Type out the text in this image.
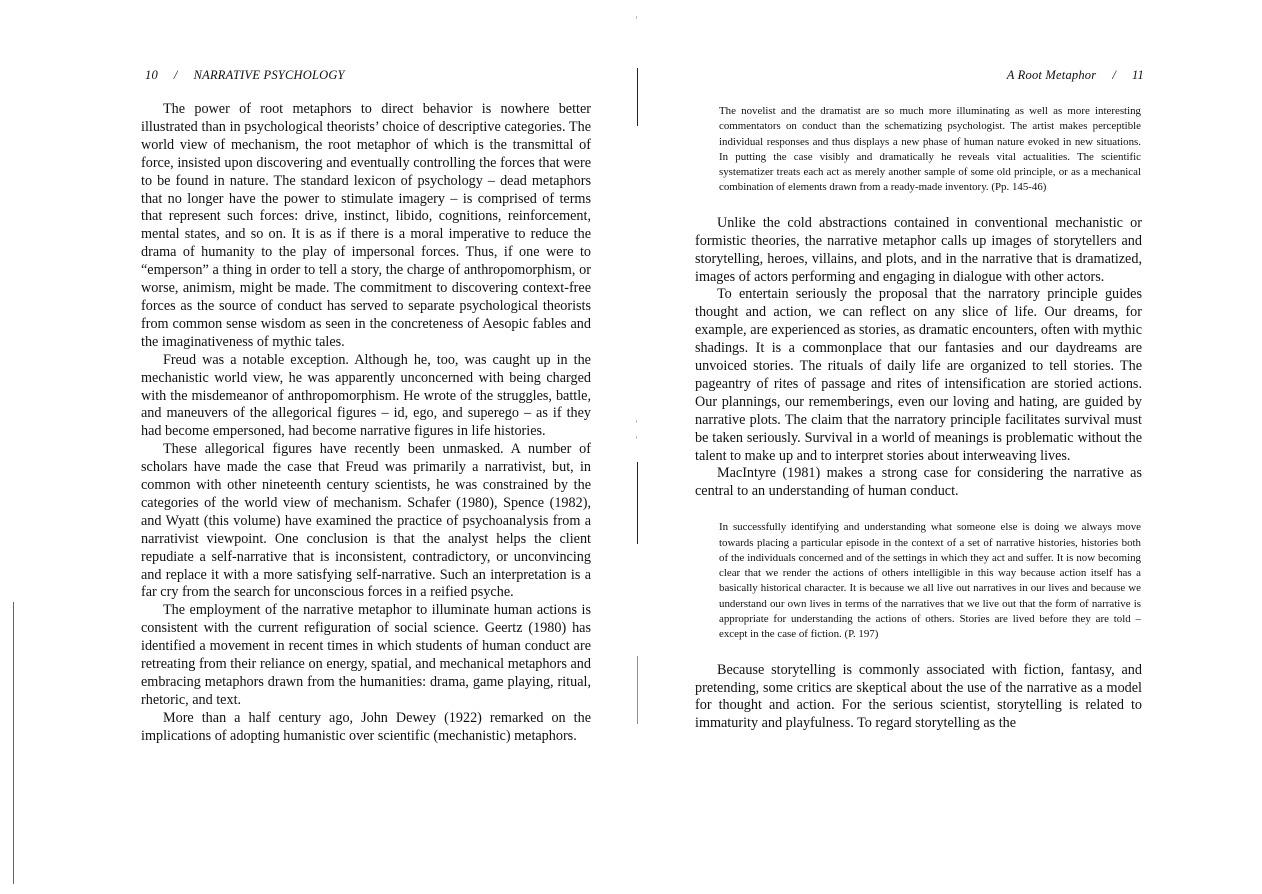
10 / NARRATIVE PSYCHOLOGY

The power of root metaphors to direct behavior is nowhere better illustrated than in psychological theorists’ choice of descriptive categories. The world view of mechanism, the root metaphor of which is the transmittal of force, insisted upon discovering and eventually controlling the forces that were to be found in nature. The standard lexicon of psychology – dead metaphors that no longer have the power to stimulate imagery – is comprised of terms that represent such forces: drive, instinct, libido, cognitions, reinforcement, mental states, and so on. It is as if there is a moral imperative to reduce the drama of humanity to the play of impersonal forces. Thus, if one were to “emperson” a thing in order to tell a story, the charge of anthropomorphism, or worse, animism, might be made. The commitment to discovering context-free forces as the source of conduct has served to separate psychological theorists from common sense wisdom as seen in the concreteness of Aesopic fables and the imaginativeness of mythic tales.

Freud was a notable exception. Although he, too, was caught up in the mechanistic world view, he was apparently unconcerned with being charged with the misdemeanor of anthropomorphism. He wrote of the struggles, battle, and maneuvers of the allegorical figures – id, ego, and superego – as if they had become empersoned, had become narrative figures in life histories.

These allegorical figures have recently been unmasked. A number of scholars have made the case that Freud was primarily a narrativist, but, in common with other nineteenth century scientists, he was constrained by the categories of the world view of mechanism. Schafer (1980), Spence (1982), and Wyatt (this volume) have examined the practice of psychoanalysis from a narrativist viewpoint. One conclusion is that the analyst helps the client repudiate a self-narrative that is inconsistent, contradictory, or unconvincing and replace it with a more satisfying self-narrative. Such an interpretation is a far cry from the search for unconscious forces in a reified psyche.

The employment of the narrative metaphor to illuminate human actions is consistent with the current refiguration of social science. Geertz (1980) has identified a movement in recent times in which students of human conduct are retreating from their reliance on energy, spatial, and mechanical metaphors and embracing metaphors drawn from the humanities: drama, game playing, ritual, rhetoric, and text.

More than a half century ago, John Dewey (1922) remarked on the implications of adopting humanistic over scientific (mechanistic) metaphors.

A Root Metaphor / 11
The novelist and the dramatist are so much more illuminating as well as more interesting commentators on conduct than the schematizing psychologist. The artist makes perceptible individual responses and thus displays a new phase of human nature evoked in new situations. In putting the case visibly and dramatically he reveals vital actualities. The scientific systematizer treats each act as merely another sample of some old principle, or as a mechanical combination of elements drawn from a ready-made inventory. (Pp. 145-46)

Unlike the cold abstractions contained in conventional mechanistic or formistic theories, the narrative metaphor calls up images of storytellers and storytelling, heroes, villains, and plots, and in the narrative that is dramatized, images of actors performing and engaging in dialogue with other actors.

To entertain seriously the proposal that the narratory principle guides thought and action, we can reflect on any slice of life. Our dreams, for example, are experienced as stories, as dramatic encounters, often with mythic shadings. It is a commonplace that our fantasies and our daydreams are unvoiced stories. The rituals of daily life are organized to tell stories. The pageantry of rites of passage and rites of intensification are storied actions. Our plannings, our rememberings, even our loving and hating, are guided by narrative plots. The claim that the narratory principle facilitates survival must be taken seriously. Survival in a world of meanings is problematic without the talent to make up and to interpret stories about interweaving lives.

MacIntyre (1981) makes a strong case for considering the narrative as central to an understanding of human conduct.

In successfully identifying and understanding what someone else is doing we always move towards placing a particular episode in the context of a set of narrative histories, histories both of the individuals concerned and of the settings in which they act and suffer. It is now becoming clear that we render the actions of others intelligible in this way because action itself has a basically historical character. It is because we all live out narratives in our lives and because we understand our own lives in terms of the narratives that we live out that the form of narrative is appropriate for understanding the actions of others. Stories are lived before they are told – except in the case of fiction. (P. 197)

Because storytelling is commonly associated with fiction, fantasy, and pretending, some critics are skeptical about the use of the narrative as a model for thought and action. For the serious scientist, storytelling is related to immaturity and playfulness. To regard storytelling as the
